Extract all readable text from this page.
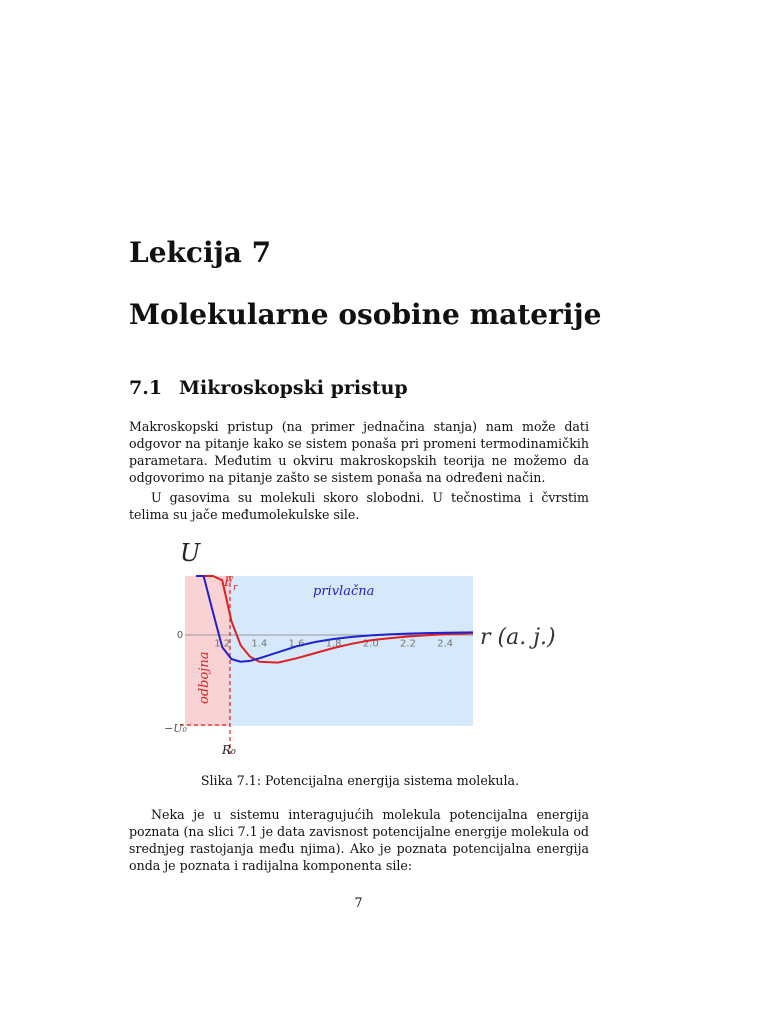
Lekcija 7
Molekularne osobine materije
7.1 Mikroskopski pristup

Makroskopski pristup (na primer jednačina stanja) nam može dati odgovor na pitanje kako se sistem ponaša pri promeni termodinamičkih parametara. Međutim u okviru makroskopskih teorija ne možemo da odgovorimo na pitanje zašto se sistem ponaša na određeni način.

U gasovima su molekuli skoro slobodni. U tečnostima i čvrstim telima su jače međumolekulske sile.

1.2 1.4 1.6 1.8 2.0 2.2 2.4
U
r (a. j.)
0
−U₀
R₀
$F_r$	privlačna
odbojna

Slika 7.1: Potencijalna energija sistema molekula.

Neka je u sistemu interagujućih molekula potencijalna energija poznata (na slici 7.1 je data zavisnost potencijalne energije molekula od srednjeg rastojanja među njima). Ako je poznata potencijalna energija onda je poznata i radijalna komponenta sile:

7
